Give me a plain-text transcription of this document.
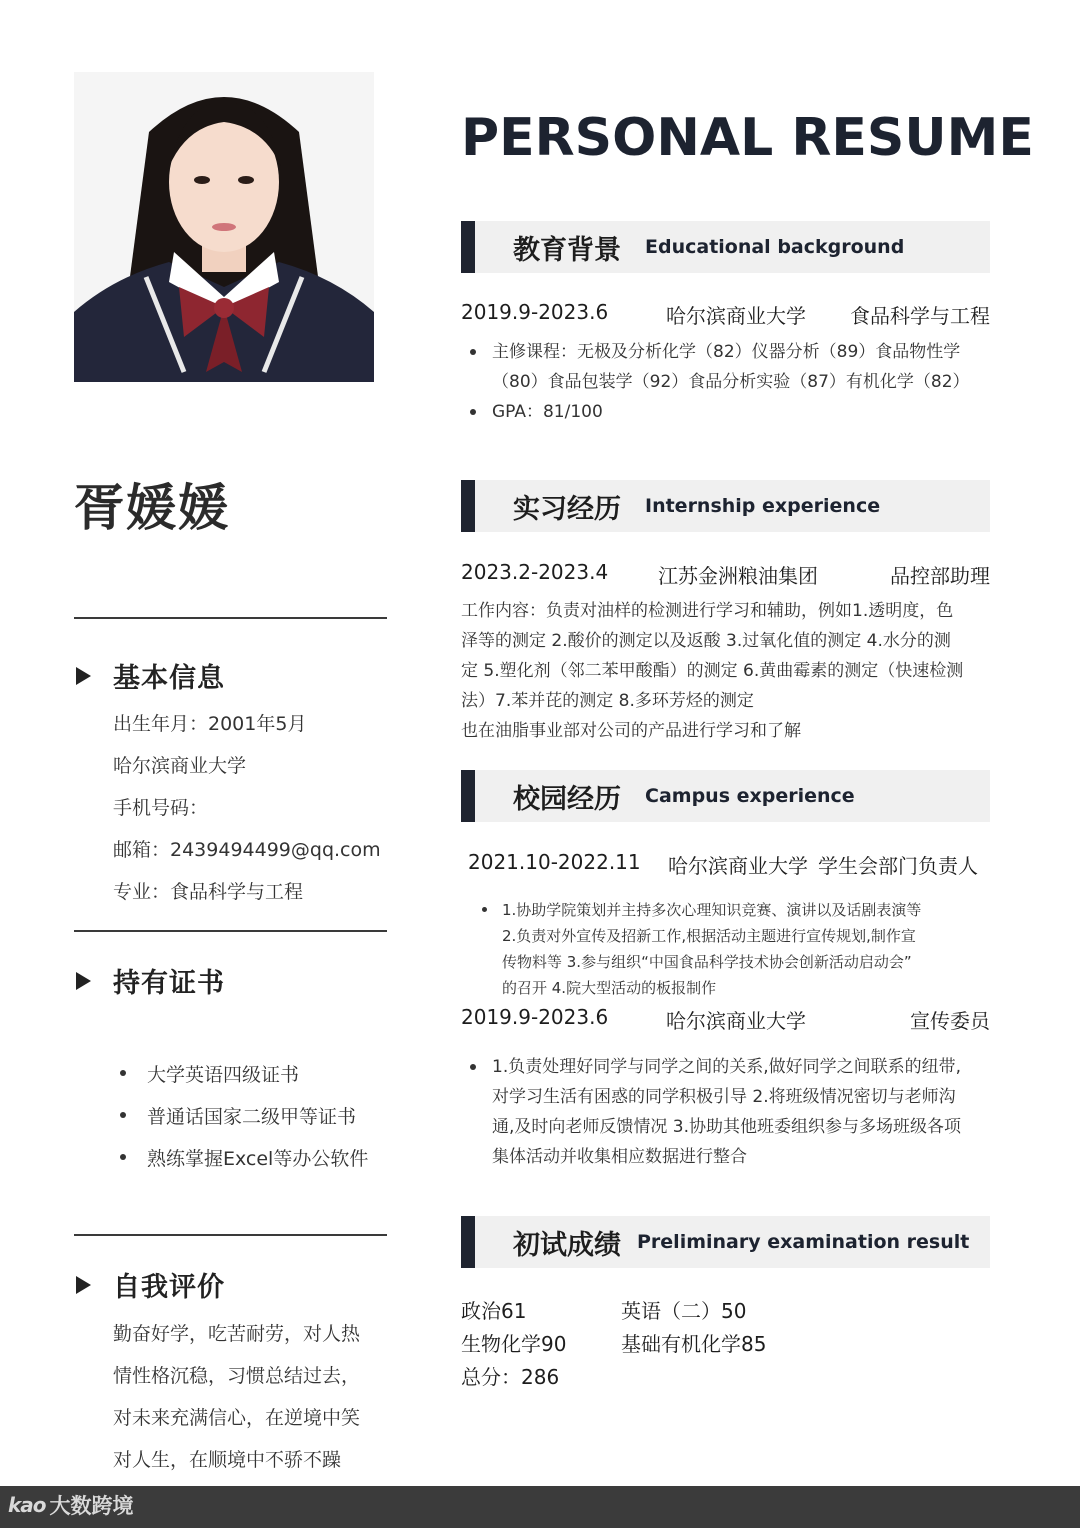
胥媛媛
基本信息
出生年月：2001年5月
哈尔滨商业大学
手机号码：
邮箱：2439494499@qq.com
专业：食品科学与工程
持有证书
大学英语四级证书
普通话国家二级甲等证书
熟练掌握Excel等办公软件
自我评价
勤奋好学，吃苦耐劳，对人热
情性格沉稳，习惯总结过去，
对未来充满信心，在逆境中笑
对人生，在顺境中不骄不躁
PERSONAL RESUME
教育背景 Educational background
2019.9-2023.6	哈尔滨商业大学	食品科学与工程
主修课程：无极及分析化学（82）仪器分析（89）食品物性学
（80）食品包装学（92）食品分析实验（87）有机化学（82）
GPA：81/100
实习经历 Internship experience
2023.2-2023.4	江苏金洲粮油集团	品控部助理
工作内容：负责对油样的检测进行学习和辅助，例如1.透明度，色
泽等的测定 2.酸价的测定以及返酸 3.过氧化值的测定 4.水分的测
定 5.塑化剂（邻二苯甲酸酯）的测定 6.黄曲霉素的测定（快速检测
法）7.苯并芘的测定 8.多环芳烃的测定
也在油脂事业部对公司的产品进行学习和了解
校园经历 Campus experience
2021.10-2022.11	哈尔滨商业大学 学生会部门负责人
1.协助学院策划并主持多次心理知识竞赛、演讲以及话剧表演等
2.负责对外宣传及招新工作,根据活动主题进行宣传规划,制作宣
传物料等 3.参与组织“中国食品科学技术协会创新活动启动会”
的召开 4.院大型活动的板报制作
2019.9-2023.6	哈尔滨商业大学	宣传委员
1.负责处理好同学与同学之间的关系,做好同学之间联系的纽带,
对学习生活有困惑的同学积极引导 2.将班级情况密切与老师沟
通,及时向老师反馈情况 3.协助其他班委组织参与多场班级各项
集体活动并收集相应数据进行整合
初试成绩 Preliminary examination result
政治61	英语（二）50
生物化学90	基础有机化学85
总分：286
kao 大数跨境
